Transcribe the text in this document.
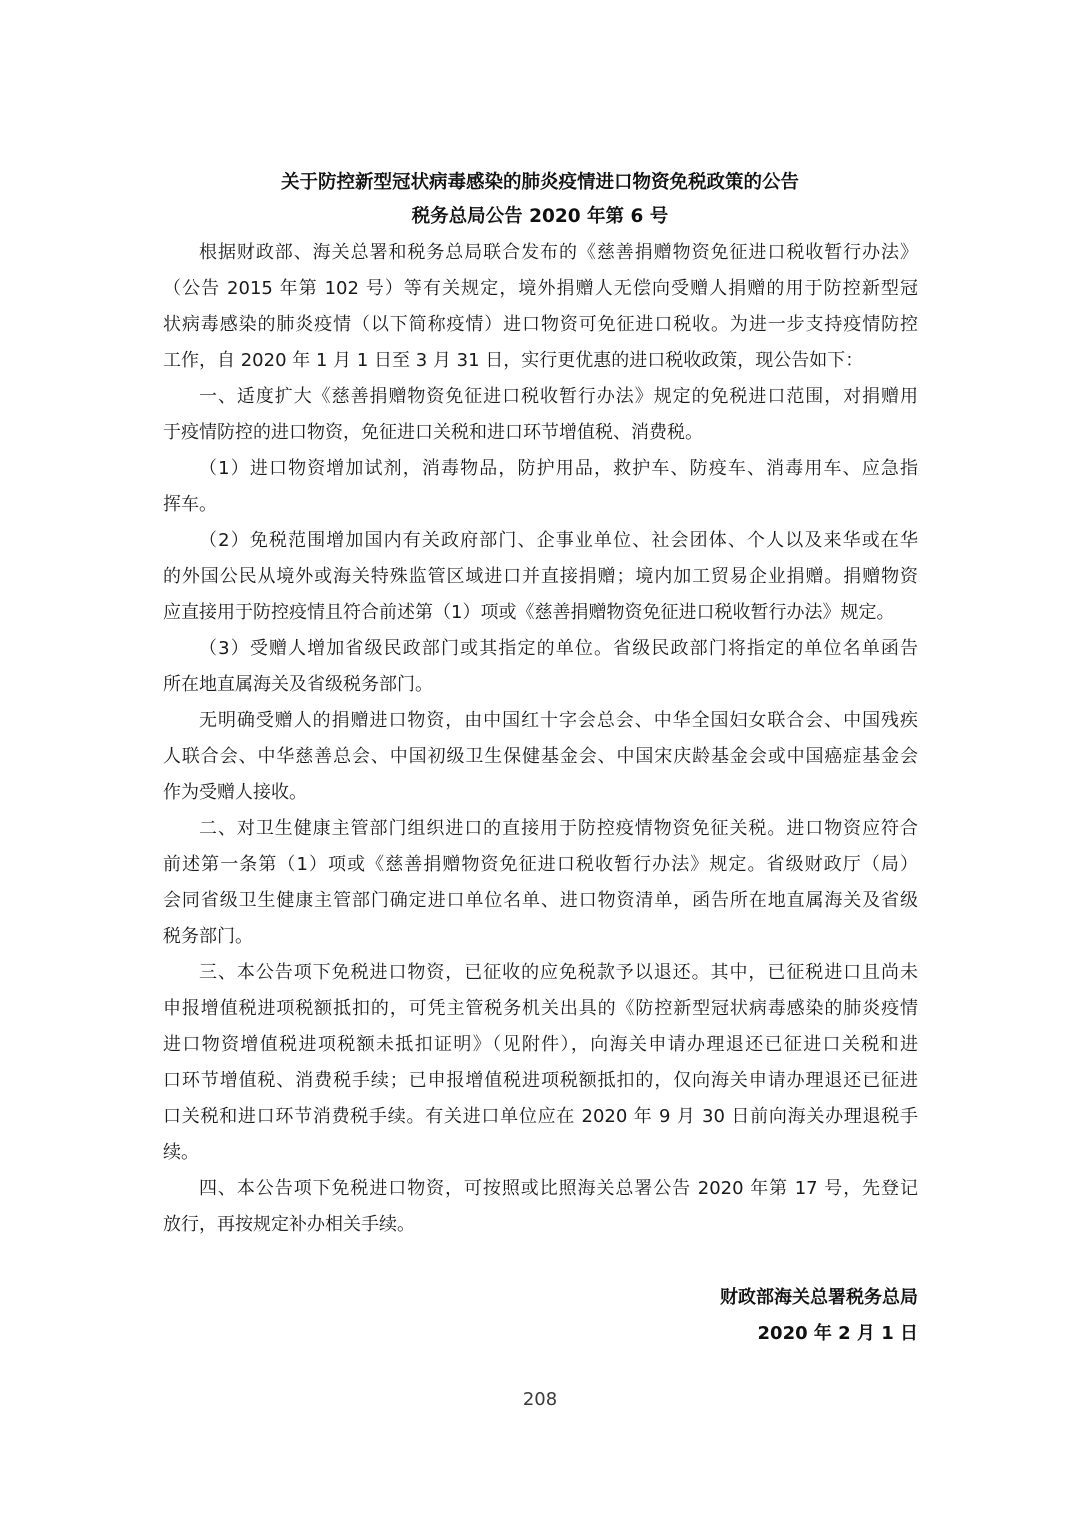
关于防控新型冠状病毒感染的肺炎疫情进口物资免税政策的公告
税务总局公告 2020 年第 6 号
根据财政部、海关总署和税务总局联合发布的《慈善捐赠物资免征进口税收暂行办法》
（公告 2015 年第 102 号）等有关规定，境外捐赠人无偿向受赠人捐赠的用于防控新型冠
状病毒感染的肺炎疫情（以下简称疫情）进口物资可免征进口税收。为进一步支持疫情防控
工作，自 2020 年 1 月 1 日至 3 月 31 日，实行更优惠的进口税收政策，现公告如下：
一、适度扩大《慈善捐赠物资免征进口税收暂行办法》规定的免税进口范围，对捐赠用
于疫情防控的进口物资，免征进口关税和进口环节增值税、消费税。
（1）进口物资增加试剂，消毒物品，防护用品，救护车、防疫车、消毒用车、应急指
挥车。
（2）免税范围增加国内有关政府部门、企事业单位、社会团体、个人以及来华或在华
的外国公民从境外或海关特殊监管区域进口并直接捐赠；境内加工贸易企业捐赠。捐赠物资
应直接用于防控疫情且符合前述第（1）项或《慈善捐赠物资免征进口税收暂行办法》规定。
（3）受赠人增加省级民政部门或其指定的单位。省级民政部门将指定的单位名单函告
所在地直属海关及省级税务部门。
无明确受赠人的捐赠进口物资，由中国红十字会总会、中华全国妇女联合会、中国残疾
人联合会、中华慈善总会、中国初级卫生保健基金会、中国宋庆龄基金会或中国癌症基金会
作为受赠人接收。
二、对卫生健康主管部门组织进口的直接用于防控疫情物资免征关税。进口物资应符合
前述第一条第（1）项或《慈善捐赠物资免征进口税收暂行办法》规定。省级财政厅（局）
会同省级卫生健康主管部门确定进口单位名单、进口物资清单，函告所在地直属海关及省级
税务部门。
三、本公告项下免税进口物资，已征收的应免税款予以退还。其中，已征税进口且尚未
申报增值税进项税额抵扣的，可凭主管税务机关出具的《防控新型冠状病毒感染的肺炎疫情
进口物资增值税进项税额未抵扣证明》（见附件），向海关申请办理退还已征进口关税和进
口环节增值税、消费税手续；已申报增值税进项税额抵扣的，仅向海关申请办理退还已征进
口关税和进口环节消费税手续。有关进口单位应在 2020 年 9 月 30 日前向海关办理退税手
续。
四、本公告项下免税进口物资，可按照或比照海关总署公告 2020 年第 17 号，先登记
放行，再按规定补办相关手续。
财政部海关总署税务总局
2020 年 2 月 1 日
208
